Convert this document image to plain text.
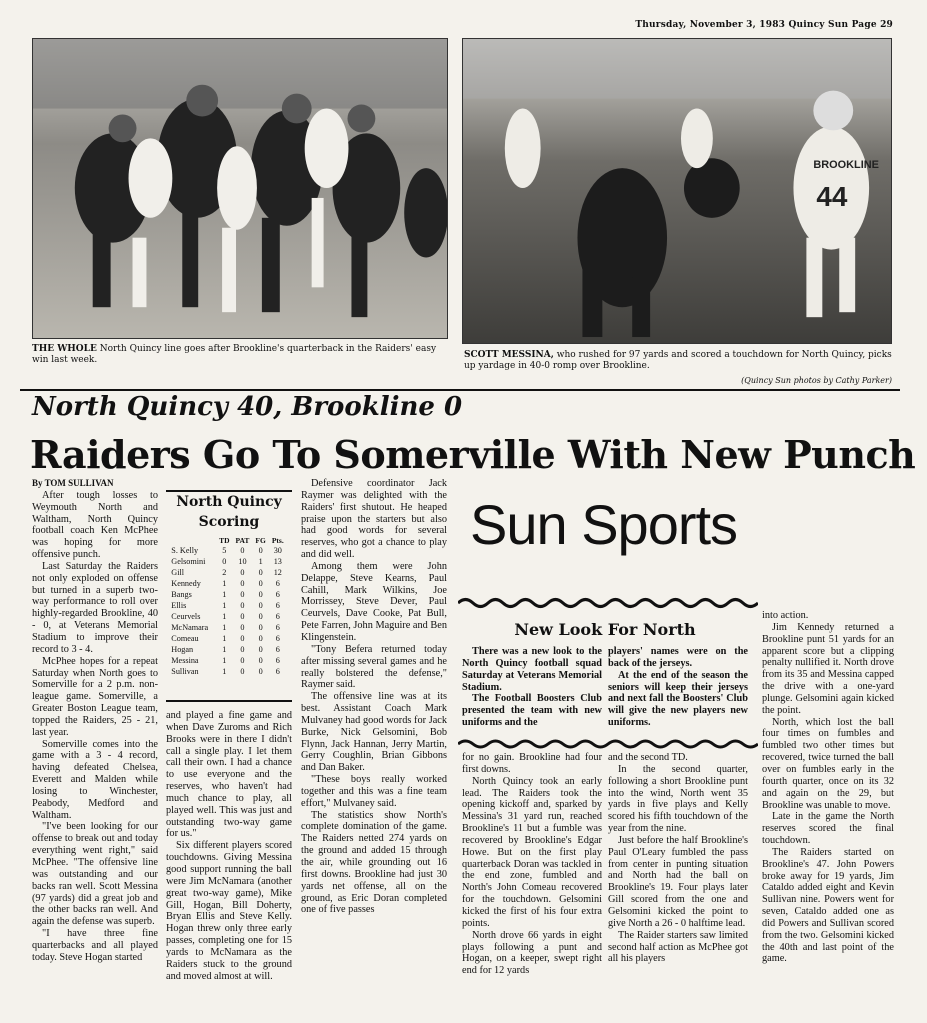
Thursday, November 3, 1983 Quincy Sun Page 29
BROOKLINE
44
THE WHOLE North Quincy line goes after Brookline's quarterback in the Raiders' easy win last week.	SCOTT MESSINA, who rushed for 97 yards and scored a touchdown for North Quincy, picks up yardage in 40-0 romp over Brookline.
(Quincy Sun photos by Cathy Parker)
North Quincy 40, Brookline 0
Raiders Go To Somerville With New Punch
By TOM SULLIVAN

After tough losses to Weymouth North and Waltham, North Quincy football coach Ken McPhee was hoping for more offensive punch.

Last Saturday the Raiders not only exploded on offense but turned in a superb two-way performance to roll over highly-regarded Brookline, 40 - 0, at Veterans Memorial Stadium to improve their record to 3 - 4.

McPhee hopes for a repeat Saturday when North goes to Somerville for a 2 p.m. non-league game. Somerville, a Greater Boston League team, topped the Raiders, 25 - 21, last year.

Somerville comes into the game with a 3 - 4 record, having defeated Chelsea, Everett and Malden while losing to Winchester, Peabody, Medford and Waltham.

"I've been looking for our offense to break out and today everything went right," said McPhee. "The offensive line was outstanding and our backs ran well. Scott Messina (97 yards) did a great job and the other backs ran well. And again the defense was superb.

"I have three fine quarterbacks and all played today. Steve Hogan started

North Quincy
Scoring
	TD	PAT	FG	Pts.
S. Kelly	5	0	0	30
Gelsomini	0	10	1	13
Gill	2	0	0	12
Kennedy	1	0	0	6
Bangs	1	0	0	6
Ellis	1	0	0	6
Ceurvels	1	0	0	6
McNamara	1	0	0	6
Comeau	1	0	0	6
Hogan	1	0	0	6
Messina	1	0	0	6
Sullivan	1	0	0	6

and played a fine game and when Dave Zuroms and Rich Brooks were in there I didn't call a single play. I let them call their own. I had a chance to use everyone and the reserves, who haven't had much chance to play, all played well. This was just and outstanding two-way game for us."

Six different players scored touchdowns. Giving Messina good support running the ball were Jim McNamara (another great two-way game), Mike Gill, Hogan, Bill Doherty, Bryan Ellis and Steve Kelly. Hogan threw only three early passes, completing one for 15 yards to McNamara as the Raiders stuck to the ground and moved almost at will.

Defensive coordinator Jack Raymer was delighted with the Raiders' first shutout. He heaped praise upon the starters but also had good words for several reserves, who got a chance to play and did well.

Among them were John Delappe, Steve Kearns, Paul Cahill, Mark Wilkins, Joe Morrissey, Steve Dever, Paul Ceurvels, Dave Cooke, Pat Bull, Pete Farren, John Maguire and Ben Klingenstein.

"Tony Befera returned today after missing several games and he really bolstered the defense," Raymer said.

The offensive line was at its best. Assistant Coach Mark Mulvaney had good words for Jack Burke, Nick Gelsomini, Bob Flynn, Jack Hannan, Jerry Martin, Gerry Coughlin, Brian Gibbons and Dan Baker.

"These boys really worked together and this was a fine team effort," Mulvaney said.

The statistics show North's complete domination of the game. The Raiders netted 274 yards on the ground and added 15 through the air, while grounding out 16 first downs. Brookline had just 30 yards net offense, all on the ground, as Eric Doran completed one of five passes

Sun Sports
New Look For North

There was a new look to the North Quincy football squad Saturday at Veterans Memorial Stadium.

The Football Boosters Club presented the team with new uniforms and the

players' names were on the back of the jerseys.

At the end of the season the seniors will keep their jerseys and next fall the Boosters' Club will give the new players new uniforms.

for no gain. Brookline had four first downs.

North Quincy took an early lead. The Raiders took the opening kickoff and, sparked by Messina's 31 yard run, reached Brookline's 11 but a fumble was recovered by Brookline's Edgar Howe. But on the first play quarterback Doran was tackled in the end zone, fumbled and North's John Comeau recovered for the touchdown. Gelsomini kicked the first of his four extra points.

North drove 66 yards in eight plays following a punt and Hogan, on a keeper, swept right end for 12 yards

and the second TD.

In the second quarter, following a short Brookline punt into the wind, North went 35 yards in five plays and Kelly scored his fifth touchdown of the year from the nine.

Just before the half Brookline's Paul O'Leary fumbled the pass from center in punting situation and North had the ball on Brookline's 19. Four plays later Gill scored from the one and Gelsomini kicked the point to give North a 26 - 0 halftime lead.

The Raider starters saw limited second half action as McPhee got all his players

into action.

Jim Kennedy returned a Brookline punt 51 yards for an apparent score but a clipping penalty nullified it. North drove from its 35 and Messina capped the drive with a one-yard plunge. Gelsomini again kicked the point.

North, which lost the ball four times on fumbles and fumbled two other times but recovered, twice turned the ball over on fumbles early in the fourth quarter, once on its 32 and again on the 29, but Brookline was unable to move.

Late in the game the North reserves scored the final touchdown.

The Raiders started on Brookline's 47. John Powers broke away for 19 yards, Jim Cataldo added eight and Kevin Sullivan nine. Powers went for seven, Cataldo added one as did Powers and Sullivan scored from the two. Gelsomini kicked the 40th and last point of the game.
